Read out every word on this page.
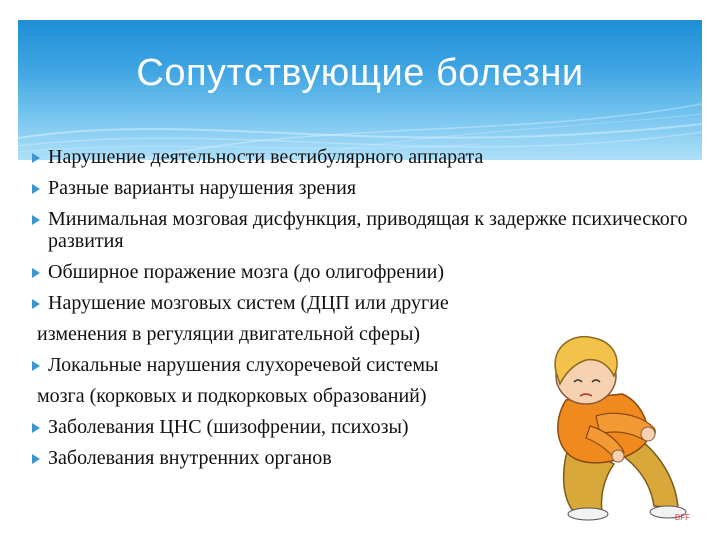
Сопутствующие болезни
Нарушение деятельности вестибулярного аппарата
Разные варианты нарушения зрения
Минимальная мозговая дисфункция, приводящая к задержке психического развития
Обширное поражение мозга (до олигофрении)
Нарушение мозговых систем (ДЦП или другие
изменения в регуляции двигательной сферы)
Локальные нарушения слухоречевой системы
мозга (корковых и подкорковых образований)
Заболевания ЦНС (шизофрении, психозы)
Заболевания внутренних органов
BFF
